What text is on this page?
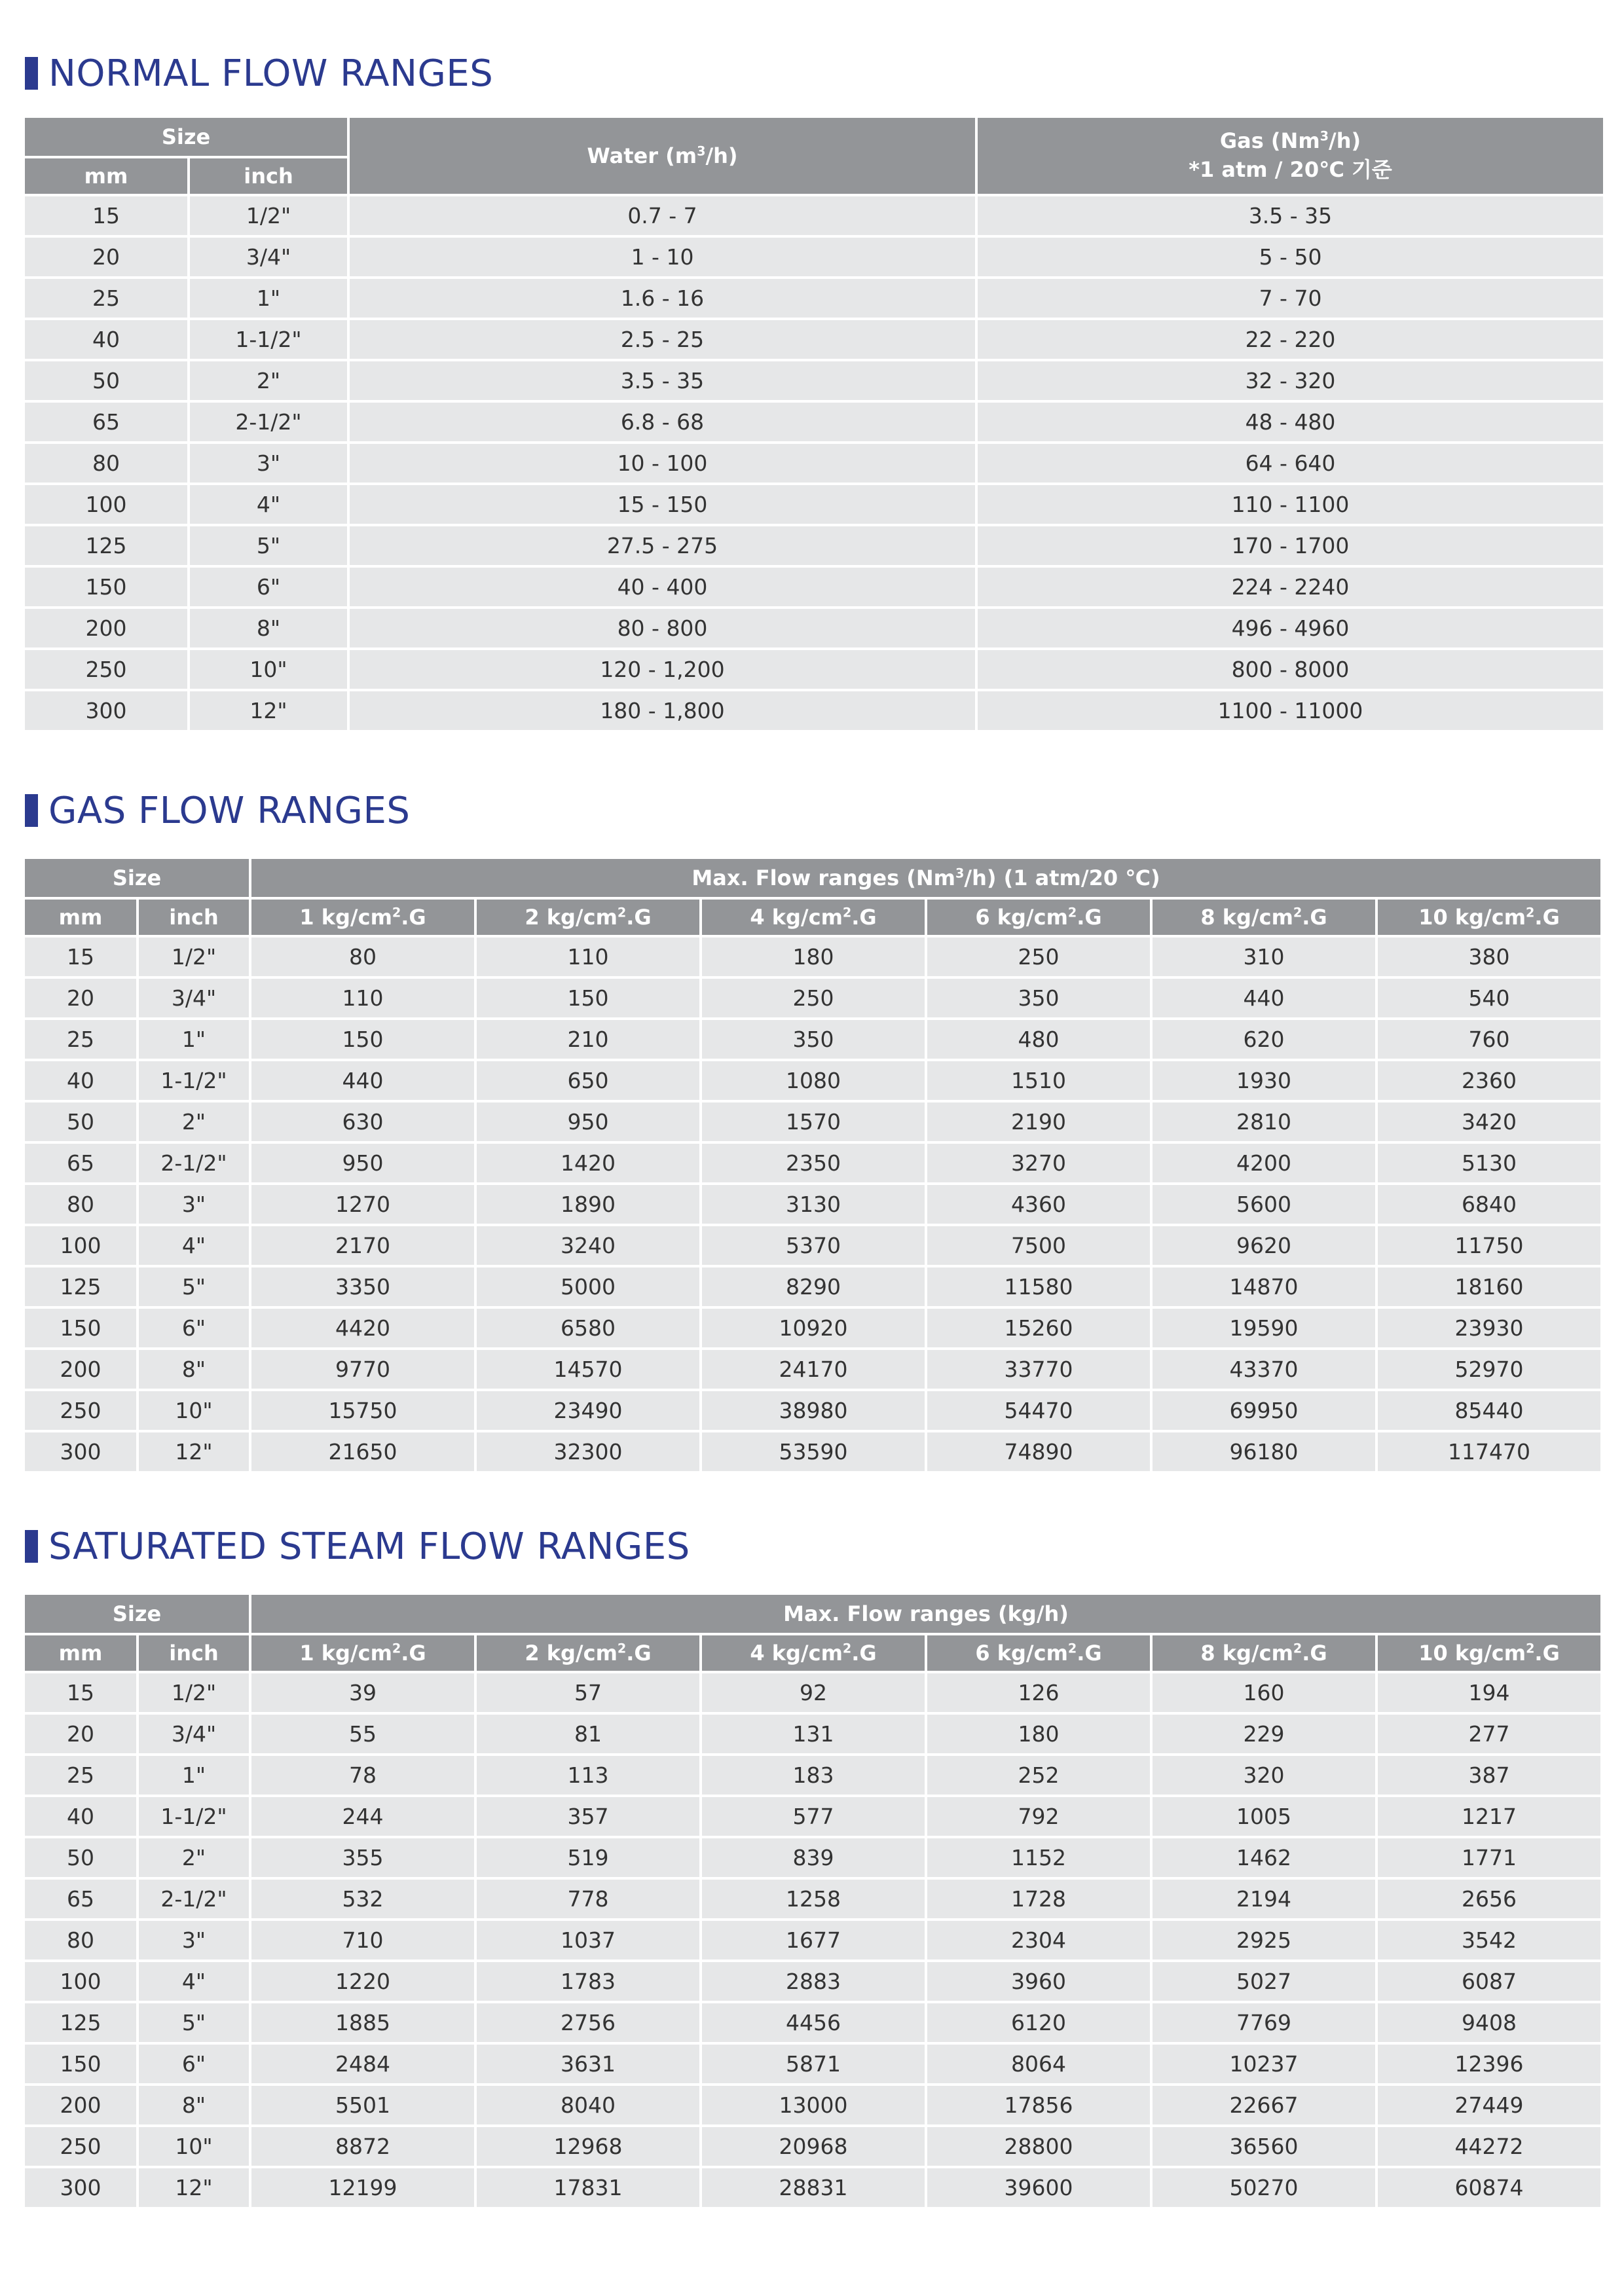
NORMAL FLOW RANGES
Size		Water $(m^3/h)$	Gas (Nm$^3$/h)
*1 atm / 20℃ 기준

mm	inch		
15	1/2"	0.7 - 7	3.5 - 35
20	3/4"	1 - 10	5 - 50
25	1"	1.6 - 16	7 - 70
40	1-1/2"	2.5 - 25	22 - 220
50	2"	3.5 - 35	32 - 320
65	2-1/2"	6.8 - 68	48 - 480
80	3"	10 - 100	64 - 640
100	4"	15 - 150	110 - 1100
125	5"	27.5 - 275	170 - 1700
150	6"	40 - 400	224 - 2240
200	8"	80 - 800	496 - 4960
250	10"	120 - 1,200	800 - 8000
300	12"	180 - 1,800	1100 - 11000
GAS FLOW RANGES
Size		Max. Flow ranges (Nm$^3$/h) (1 atm/20 ℃)					
mm	inch	1 $kg/cm^2.G$	2 $kg/cm^2.G$	4 $kg/cm^2.G$	6 $kg/cm^2.G$	8 $kg/cm^2.G$	10 $kg/cm^2.G$
15	1/2"	80	110	180	250	310	380
20	3/4"	110	150	250	350	440	540
25	1"	150	210	350	480	620	760
40	1-1/2"	440	650	1080	1510	1930	2360
50	2"	630	950	1570	2190	2810	3420
65	2-1/2"	950	1420	2350	3270	4200	5130
80	3"	1270	1890	3130	4360	5600	6840
100	4"	2170	3240	5370	7500	9620	11750
125	5"	3350	5000	8290	11580	14870	18160
150	6"	4420	6580	10920	15260	19590	23930
200	8"	9770	14570	24170	33770	43370	52970
250	10"	15750	23490	38980	54470	69950	85440
300	12"	21650	32300	53590	74890	96180	117470
SATURATED STEAM FLOW RANGES
Size		Max. Flow ranges (kg/h)					
mm	inch	1 $kg/cm^2.G$	2 $kg/cm^2.G$	4 $kg/cm^2.G$	6 $kg/cm^2.G$	8 $kg/cm^2.G$	10 $kg/cm^2.G$
15	1/2"	39	57	92	126	160	194
20	3/4"	55	81	131	180	229	277
25	1"	78	113	183	252	320	387
40	1-1/2"	244	357	577	792	1005	1217
50	2"	355	519	839	1152	1462	1771
65	2-1/2"	532	778	1258	1728	2194	2656
80	3"	710	1037	1677	2304	2925	3542
100	4"	1220	1783	2883	3960	5027	6087
125	5"	1885	2756	4456	6120	7769	9408
150	6"	2484	3631	5871	8064	10237	12396
200	8"	5501	8040	13000	17856	22667	27449
250	10"	8872	12968	20968	28800	36560	44272
300	12"	12199	17831	28831	39600	50270	60874
